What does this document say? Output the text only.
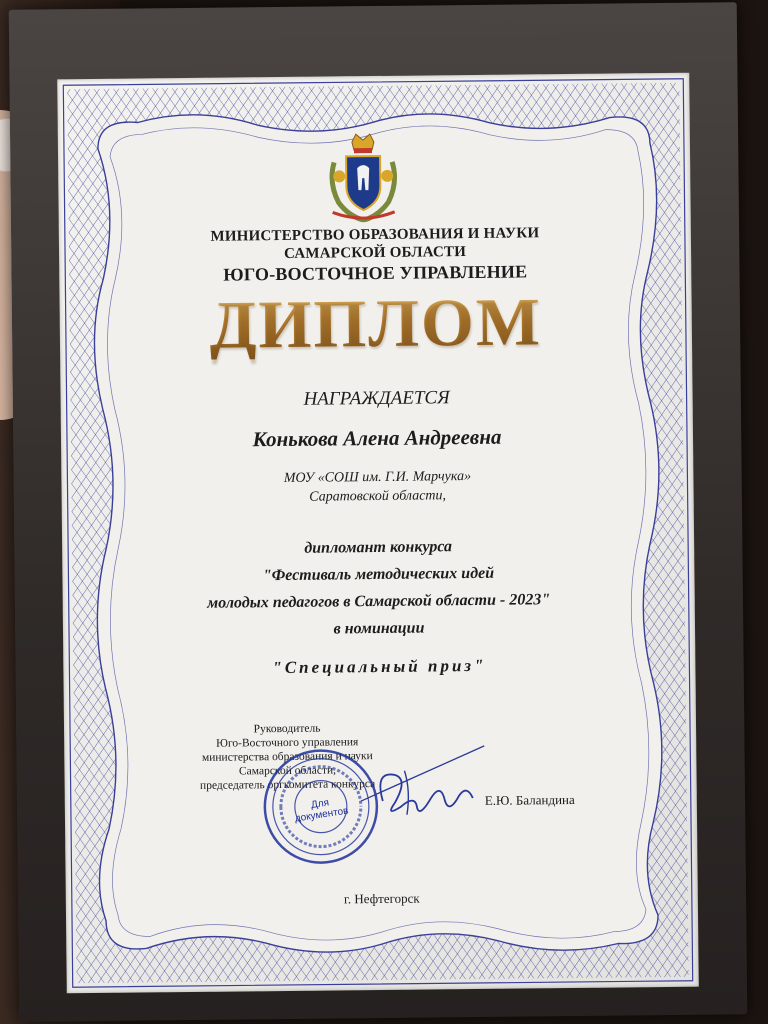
МИНИСТЕРСТВО ОБРАЗОВАНИЯ И НАУКИ
САМАРСКОЙ ОБЛАСТИ
ЮГО-ВОСТОЧНОЕ УПРАВЛЕНИЕ
ДИПЛОМ
НАГРАЖДАЕТСЯ
Конькова Алена Андреевна
МОУ «СОШ им. Г.И. Марчука»
Саратовской области,
дипломант конкурса
"Фестиваль методических идей
молодых педагогов в Самарской области - 2023"
в номинации
"Специальный приз"
Руководитель
Юго-Восточного управления
министерства образования и науки
Самарской области,
председатель оргкомитета конкурса
Для документов
Е.Ю. Баландина
г. Нефтегорск
